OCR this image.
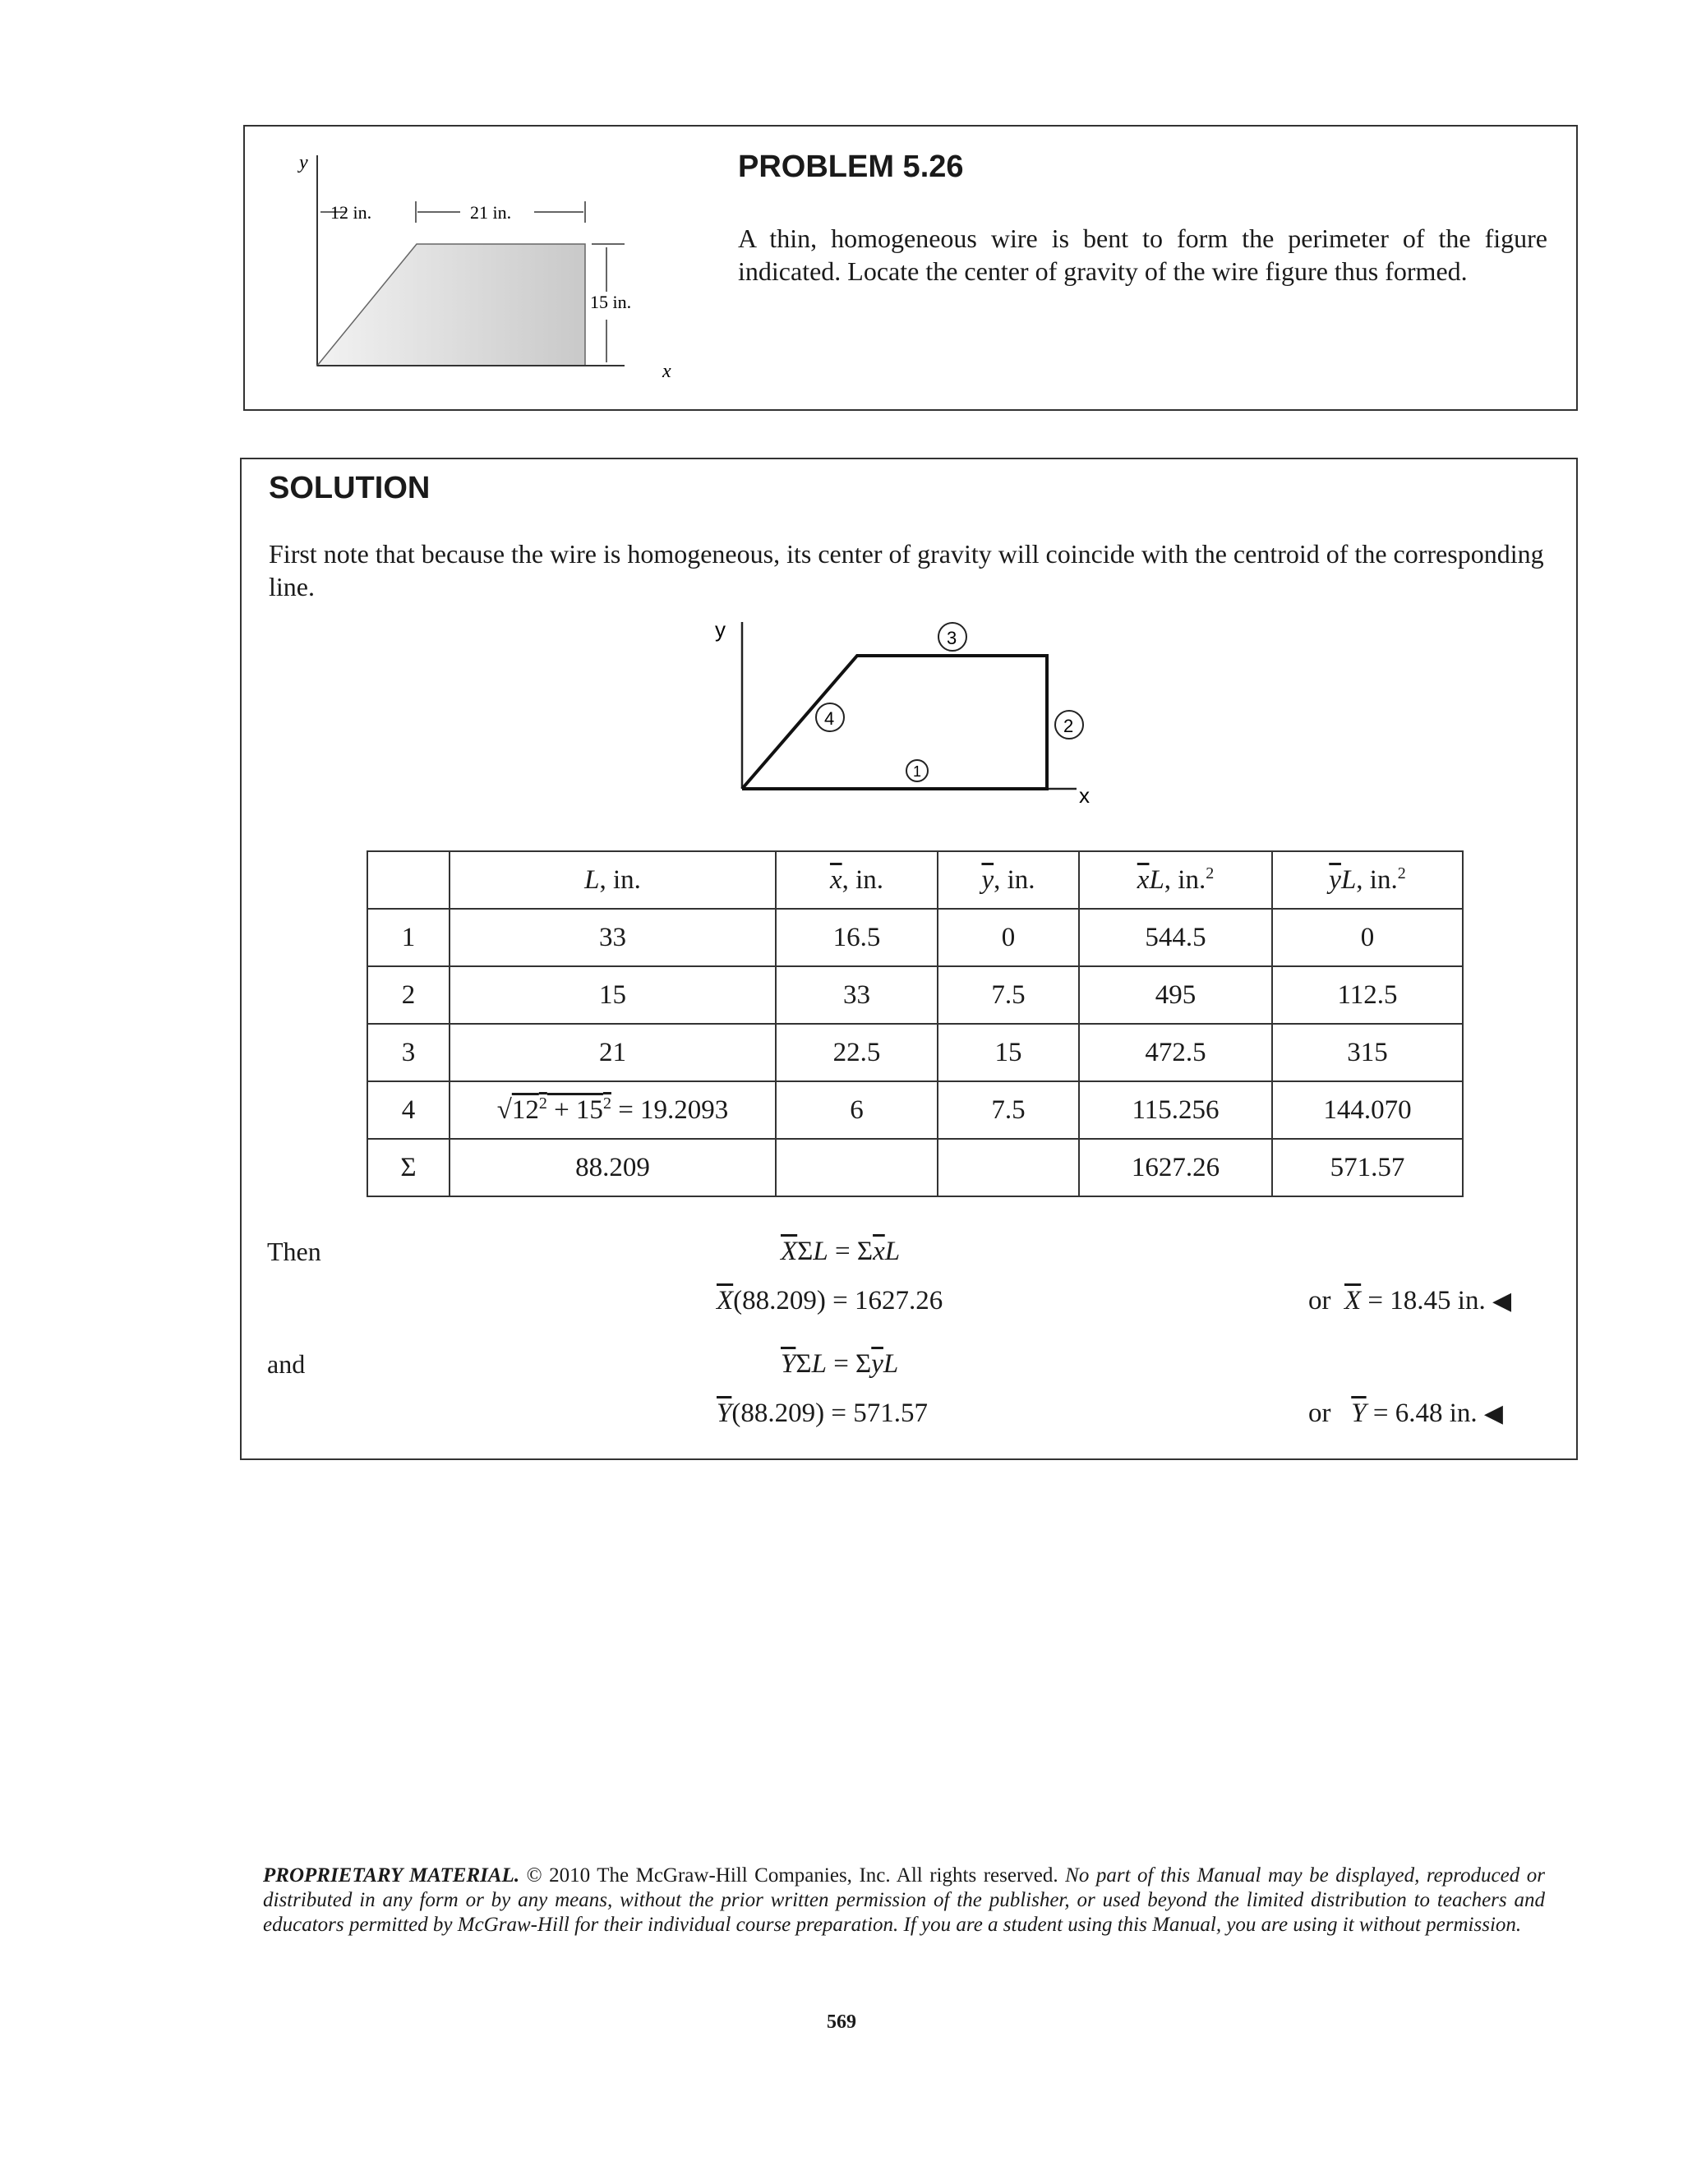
y
x
12 in.	21 in.
15 in.
PROBLEM 5.26
A thin, homogeneous wire is bent to form the perimeter of the figure indicated. Locate the center of gravity of the wire figure thus formed.
SOLUTION
First note that because the wire is homogeneous, its center of gravity will coincide with the centroid of the corresponding line.
y
x
3
4	2
1
	L, in.	$\overline{x}$, in.	$\overline{y}$, in.	$\overline{x}L$, in.$^2$	$\overline{y}L$, in.$^2$
1	33	16.5	0	544.5	0
2	15	33	7.5	495	112.5
3	21	22.5	15	472.5	315
4	$√12^2 + 15^2 = 19.2093$	6	7.5	115.256	144.070
Σ	88.209			1627.26	571.57
Then	$\overline{X}\Sigma L = \Sigma\overline{x}L$
$\overline{X}(88.209) = 1627.26$	or $\overline{X} = 18.45$ in. ◀
and	$\overline{Y}\Sigma L = \Sigma\overline{y}L$
$\overline{Y}(88.209) = 571.57$	or $\overline{Y} = 6.48$ in. ◀
PROPRIETARY MATERIAL. © 2010 The McGraw-Hill Companies, Inc. All rights reserved. No part of this Manual may be displayed, reproduced or distributed in any form or by any means, without the prior written permission of the publisher, or used beyond the limited distribution to teachers and educators permitted by McGraw-Hill for their individual course preparation. If you are a student using this Manual, you are using it without permission.
569
